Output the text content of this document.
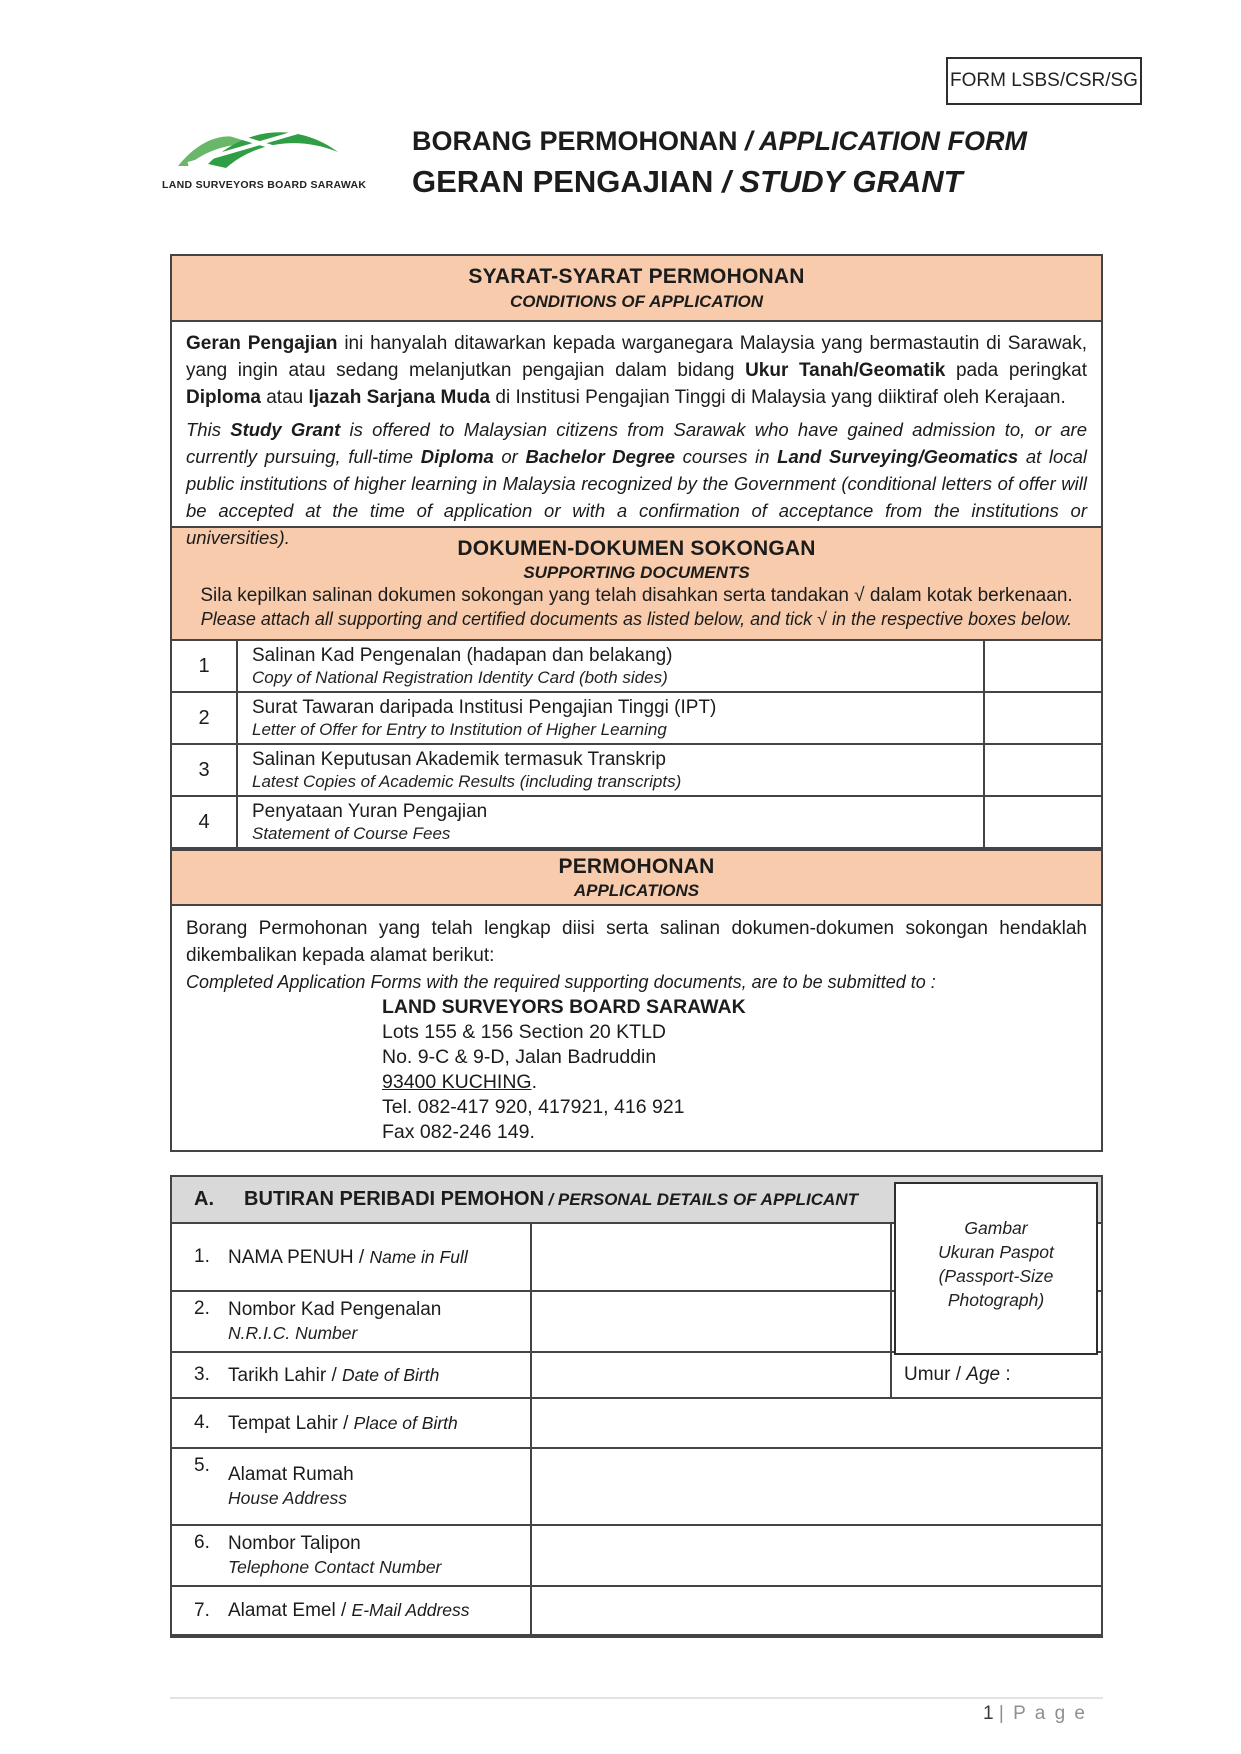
FORM LSBS/CSR/SG
LAND SURVEYORS BOARD SARAWAK
BORANG PERMOHONAN / APPLICATION FORM
GERAN PENGAJIAN / STUDY GRANT
SYARAT-SYARAT PERMOHONAN
CONDITIONS OF APPLICATION

Geran Pengajian ini hanyalah ditawarkan kepada warganegara Malaysia yang bermastautin di Sarawak, yang ingin atau sedang melanjutkan pengajian dalam bidang Ukur Tanah/Geomatik pada peringkat Diploma atau Ijazah Sarjana Muda di Institusi Pengajian Tinggi di Malaysia yang diiktiraf oleh Kerajaan.

This Study Grant is offered to Malaysian citizens from Sarawak who have gained admission to, or are currently pursuing, full-time Diploma or Bachelor Degree courses in Land Surveying/Geomatics at local public institutions of higher learning in Malaysia recognized by the Government (conditional letters of offer will be accepted at the time of application or with a confirmation of acceptance from the institutions or universities).	DOKUMEN-DOKUMEN SOKONGAN
SUPPORTING DOCUMENTS
Sila kepilkan salinan dokumen sokongan yang telah disahkan serta tandakan √ dalam kotak berkenaan.
Please attach all supporting and certified documents as listed below, and tick √ in the respective boxes below.
1	Salinan Kad Pengenalan (hadapan dan belakang)
Copy of National Registration Identity Card (both sides)
2	Surat Tawaran daripada Institusi Pengajian Tinggi (IPT)
Letter of Offer for Entry to Institution of Higher Learning
3	Salinan Keputusan Akademik termasuk Transkrip
Latest Copies of Academic Results (including transcripts)
4	Penyataan Yuran Pengajian
Statement of Course Fees
PERMOHONAN
APPLICATIONS

Borang Permohonan yang telah lengkap diisi serta salinan dokumen-dokumen sokongan hendaklah dikembalikan kepada alamat berikut:

Completed Application Forms with the required supporting documents, are to be submitted to :
LAND SURVEYORS BOARD SARAWAK
Lots 155 & 156 Section 20 KTLD
No. 9-C & 9-D, Jalan Badruddin
93400 KUCHING.
Tel. 082-417 920, 417921, 416 921
Fax 082-246 149.
A. BUTIRAN PERIBADI PEMOHON
/ PERSONAL DETAILS OF APPLICANT
1. NAMA PENUH / Name in Full
2. Nombor Kad Pengenalan
N.R.I.C. Number
3. Tarikh Lahir / Date of Birth	Umur / Age :
4. Tempat Lahir / Place of Birth
5. Alamat Rumah
House Address
6. Nombor Talipon
Telephone Contact Number
7. Alamat Emel / E-Mail Address
Gambar
Ukuran Paspot
(Passport-Size
Photograph)
1 | P a g e
